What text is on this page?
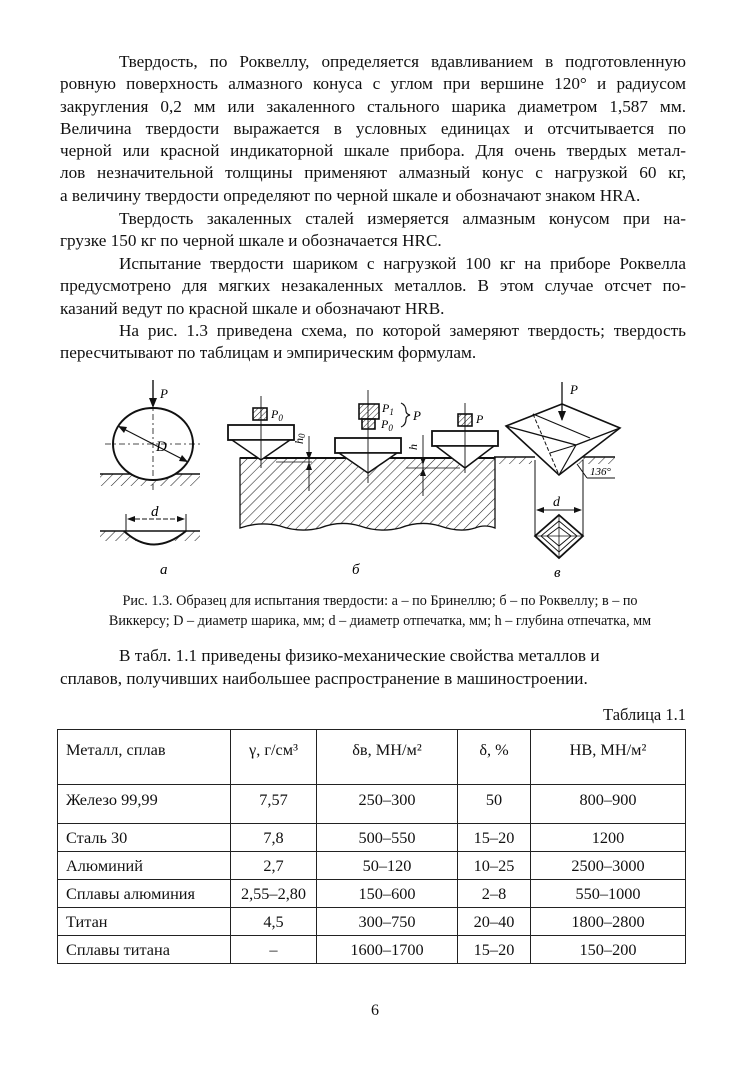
Твердость, по Роквеллу, определяется вдавливанием в подготовленную
ровную поверхность алмазного конуса с углом при вершине 120° и радиусом
закругления 0,2 мм или закаленного стального шарика диаметром 1,587 мм.
Величина твердости выражается в условных единицах и отсчитывается по
черной или красной индикаторной шкале прибора. Для очень твердых метал-
лов незначительной толщины применяют алмазный конус с нагрузкой 60 кг,
а величину твердости определяют по черной шкале и обозначают знаком HRA.
Твердость закаленных сталей измеряется алмазным конусом при на-
грузке 150 кг по черной шкале и обозначается HRC.
Испытание твердости шариком с нагрузкой 100 кг на приборе Роквелла
предусмотрено для мягких незакаленных металлов. В этом случае отсчет по-
казаний ведут по красной шкале и обозначают HRB.
На рис. 1.3 приведена схема, по которой замеряют твердость; твердость
пересчитывают по таблицам и эмпирическим формулам.
P
D
d
$P_0$
$P_1$
$P_0$
P	P
h0
h
P
136°
d
а	б	в
Рис. 1.3. Образец для испытания твердости: а – по Бринеллю; б – по Роквеллу; в – по
Виккерсу; D – диаметр шарика, мм; d – диаметр отпечатка, мм; h – глубина отпечатка, мм
В табл. 1.1 приведены физико-механические свойства металлов и
сплавов, получивших наибольшее распространение в машиностроении.
Таблица 1.1
Металл, сплав	γ, г/см³	δв, МН/м²	δ, %	НВ, МН/м²
Железо 99,99	7,57	250–300	50	800–900
Сталь 30	7,8	500–550	15–20	1200
Алюминий	2,7	50–120	10–25	2500–3000
Сплавы алюминия	2,55–2,80	150–600	2–8	550–1000
Титан	4,5	300–750	20–40	1800–2800
Сплавы титана	–	1600–1700	15–20	150–200
6
